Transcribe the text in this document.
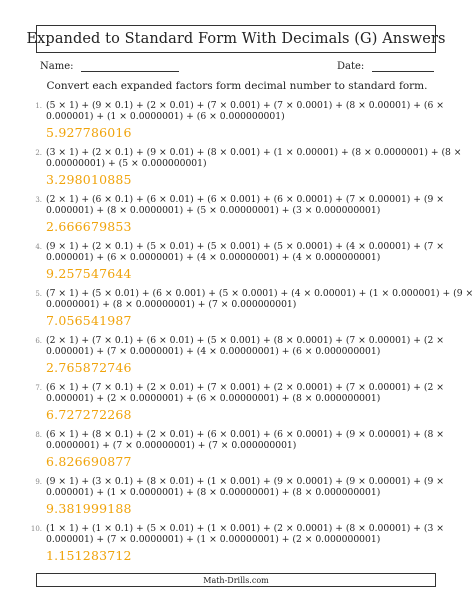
Expanded to Standard Form With Decimals (G) Answers
Name:	Date:
Convert each expanded factors form decimal number to standard form.
1. (5 × 1) + (9 × 0.1) + (2 × 0.01) + (7 × 0.001) + (7 × 0.0001) + (8 × 0.00001) + (6 ×
0.000001) + (1 × 0.0000001) + (6 × 0.000000001)
5.927786016
2. (3 × 1) + (2 × 0.1) + (9 × 0.01) + (8 × 0.001) + (1 × 0.00001) + (8 × 0.0000001) + (8 ×
0.00000001) + (5 × 0.000000001)
3.298010885
3. (2 × 1) + (6 × 0.1) + (6 × 0.01) + (6 × 0.001) + (6 × 0.0001) + (7 × 0.00001) + (9 ×
0.000001) + (8 × 0.0000001) + (5 × 0.00000001) + (3 × 0.000000001)
2.666679853
4. (9 × 1) + (2 × 0.1) + (5 × 0.01) + (5 × 0.001) + (5 × 0.0001) + (4 × 0.00001) + (7 ×
0.000001) + (6 × 0.0000001) + (4 × 0.00000001) + (4 × 0.000000001)
9.257547644
5. (7 × 1) + (5 × 0.01) + (6 × 0.001) + (5 × 0.0001) + (4 × 0.00001) + (1 × 0.000001) + (9 ×
0.0000001) + (8 × 0.00000001) + (7 × 0.000000001)
7.056541987
6. (2 × 1) + (7 × 0.1) + (6 × 0.01) + (5 × 0.001) + (8 × 0.0001) + (7 × 0.00001) + (2 ×
0.000001) + (7 × 0.0000001) + (4 × 0.00000001) + (6 × 0.000000001)
2.765872746
7. (6 × 1) + (7 × 0.1) + (2 × 0.01) + (7 × 0.001) + (2 × 0.0001) + (7 × 0.00001) + (2 ×
0.000001) + (2 × 0.0000001) + (6 × 0.00000001) + (8 × 0.000000001)
6.727272268
8. (6 × 1) + (8 × 0.1) + (2 × 0.01) + (6 × 0.001) + (6 × 0.0001) + (9 × 0.00001) + (8 ×
0.0000001) + (7 × 0.00000001) + (7 × 0.000000001)
6.826690877
9. (9 × 1) + (3 × 0.1) + (8 × 0.01) + (1 × 0.001) + (9 × 0.0001) + (9 × 0.00001) + (9 ×
0.000001) + (1 × 0.0000001) + (8 × 0.00000001) + (8 × 0.000000001)
9.381999188
10. (1 × 1) + (1 × 0.1) + (5 × 0.01) + (1 × 0.001) + (2 × 0.0001) + (8 × 0.00001) + (3 ×
0.000001) + (7 × 0.0000001) + (1 × 0.00000001) + (2 × 0.000000001)
1.151283712
Math-Drills.com
